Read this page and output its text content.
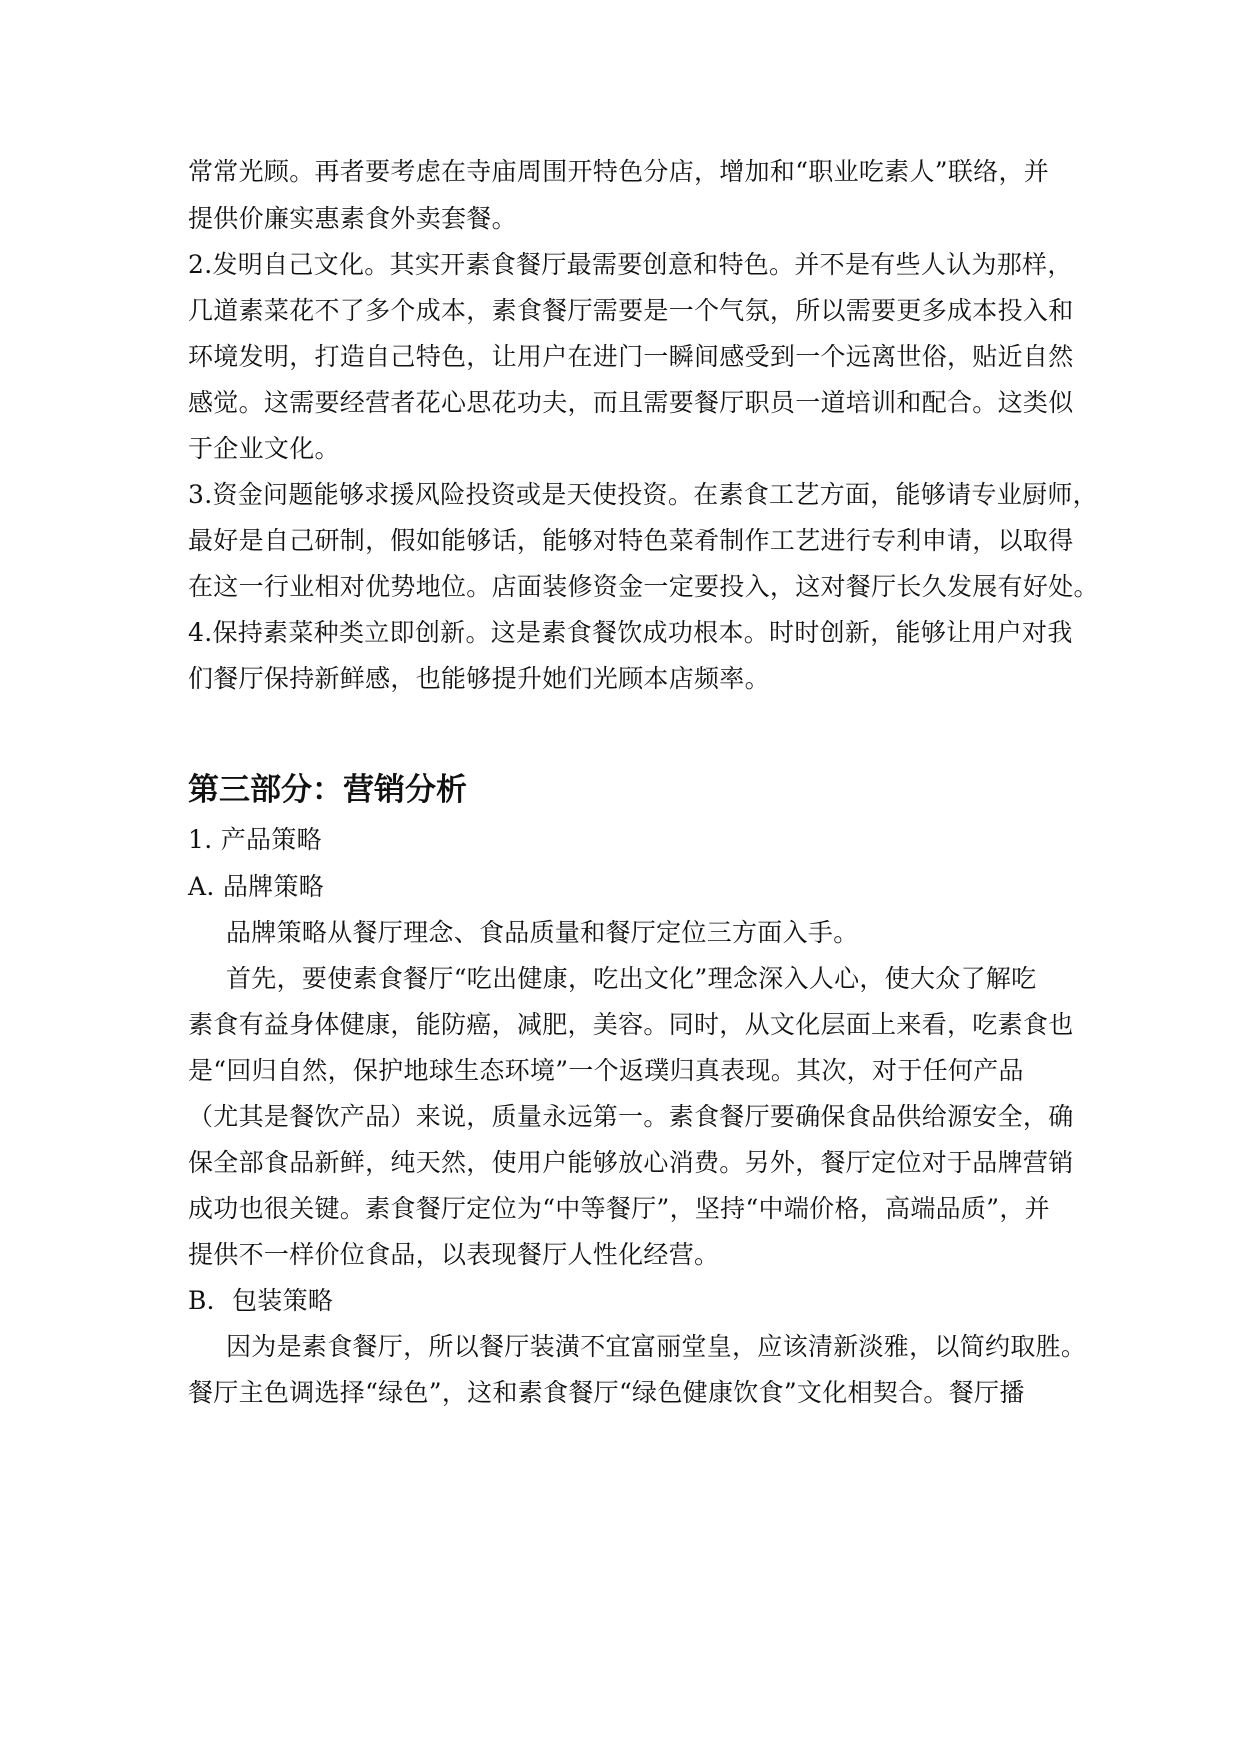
常常光顾。再者要考虑在寺庙周围开特色分店，增加和“职业吃素人”联络，并
提供价廉实惠素食外卖套餐。
2.发明自己文化。其实开素食餐厅最需要创意和特色。并不是有些人认为那样，
几道素菜花不了多个成本，素食餐厅需要是一个气氛，所以需要更多成本投入和
环境发明，打造自己特色，让用户在进门一瞬间感受到一个远离世俗，贴近自然
感觉。这需要经营者花心思花功夫，而且需要餐厅职员一道培训和配合。这类似
于企业文化。
3.资金问题能够求援风险投资或是天使投资。在素食工艺方面，能够请专业厨师，
最好是自己研制，假如能够话，能够对特色菜肴制作工艺进行专利申请，以取得
在这一行业相对优势地位。店面装修资金一定要投入，这对餐厅长久发展有好处。
4.保持素菜种类立即创新。这是素食餐饮成功根本。时时创新，能够让用户对我
们餐厅保持新鲜感，也能够提升她们光顾本店频率。
第三部分：营销分析
1. 产品策略
A. 品牌策略
品牌策略从餐厅理念、食品质量和餐厅定位三方面入手。
首先，要使素食餐厅“吃出健康，吃出文化”理念深入人心，使大众了解吃
素食有益身体健康，能防癌，减肥，美容。同时，从文化层面上来看，吃素食也
是“回归自然，保护地球生态环境”一个返璞归真表现。其次，对于任何产品
（尤其是餐饮产品）来说，质量永远第一。素食餐厅要确保食品供给源安全，确
保全部食品新鲜，纯天然，使用户能够放心消费。另外，餐厅定位对于品牌营销
成功也很关键。素食餐厅定位为“中等餐厅”，坚持“中端价格，高端品质”，并
提供不一样价位食品，以表现餐厅人性化经营。
B．包装策略
因为是素食餐厅，所以餐厅装潢不宜富丽堂皇，应该清新淡雅，以简约取胜。
餐厅主色调选择“绿色”，这和素食餐厅“绿色健康饮食”文化相契合。餐厅播
